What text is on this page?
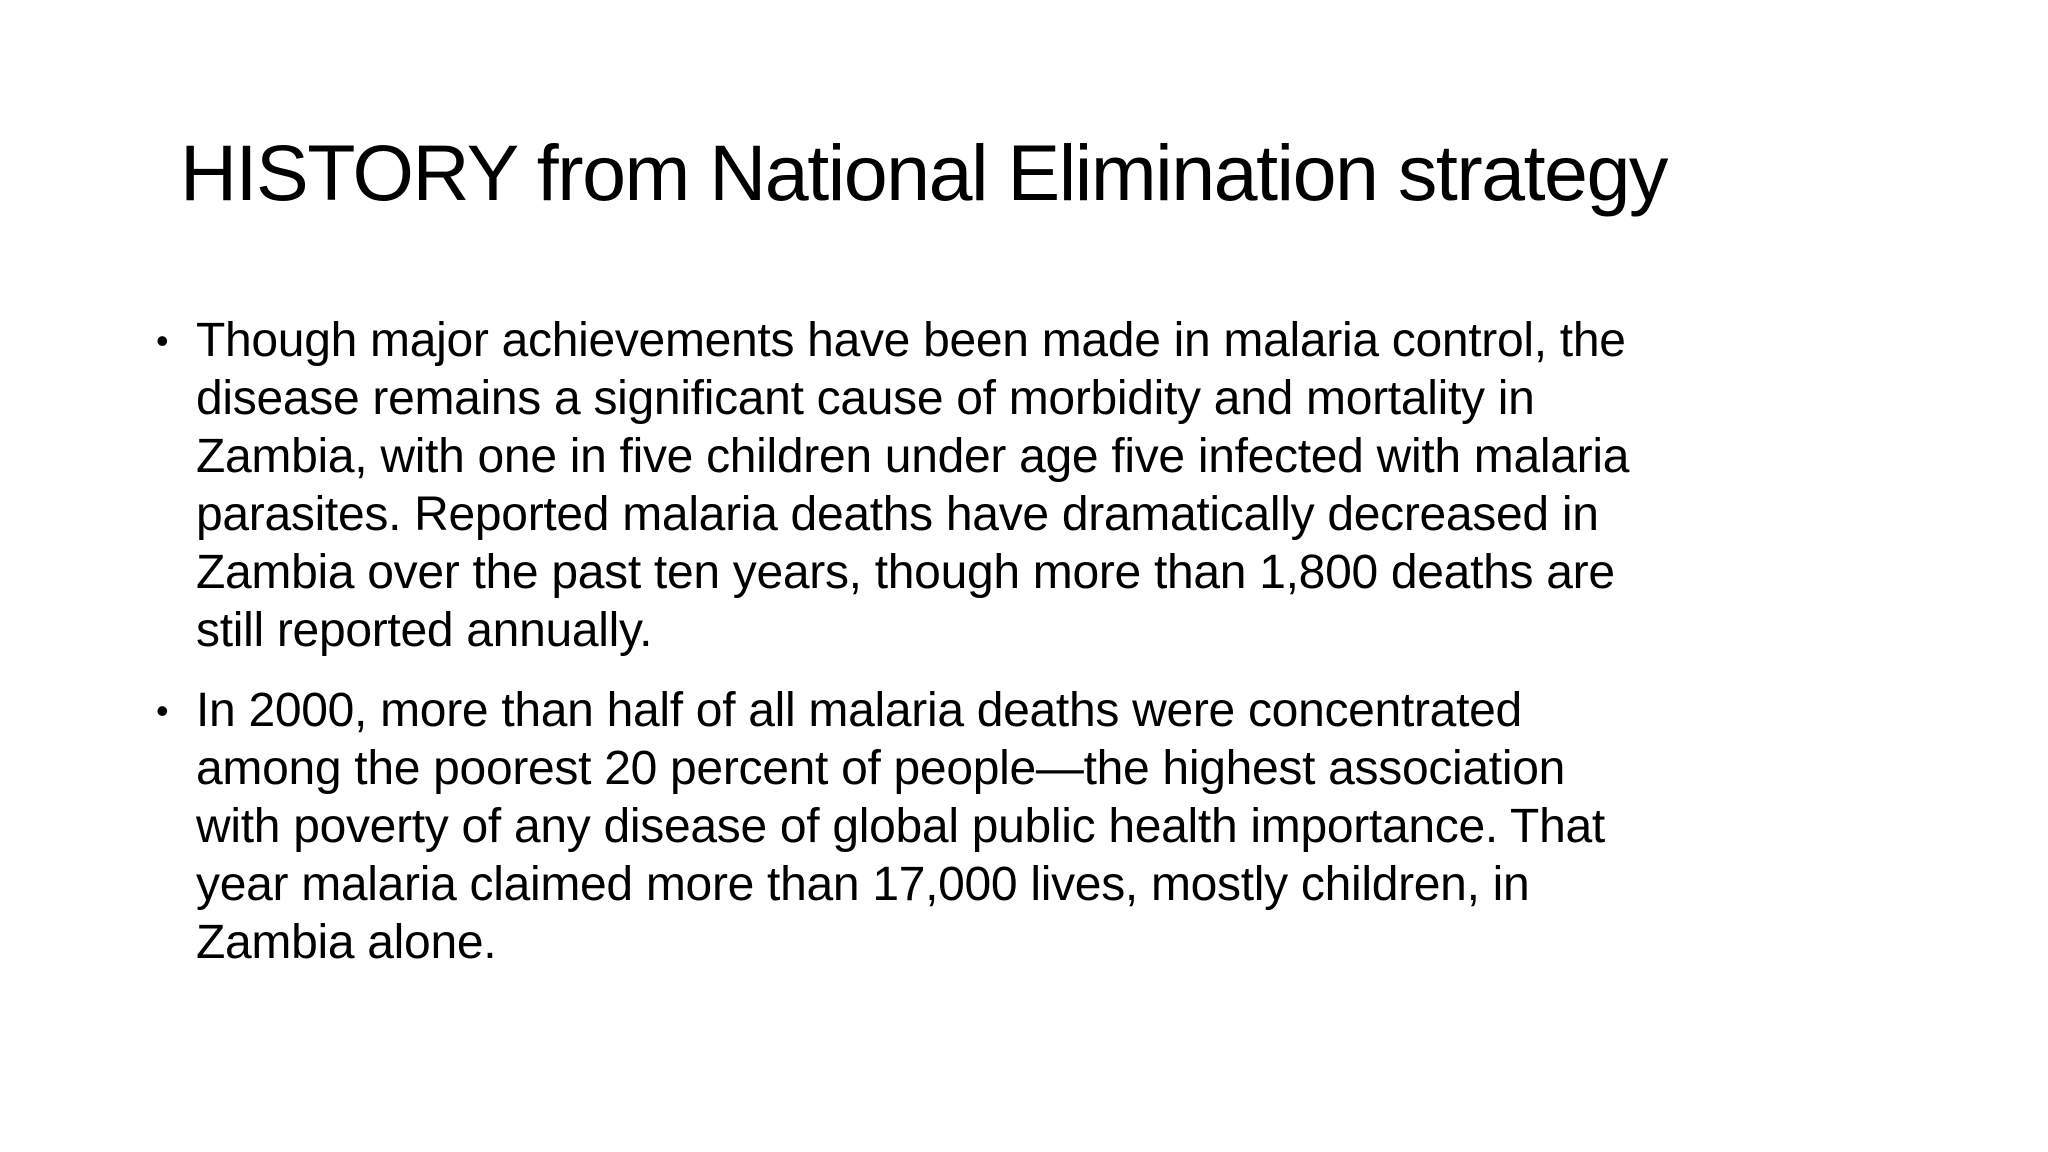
HISTORY from National Elimination strategy
• Though major achievements have been made in malaria control, the
disease remains a significant cause of morbidity and mortality in
Zambia, with one in five children under age five infected with malaria
parasites. Reported malaria deaths have dramatically decreased in
Zambia over the past ten years, though more than 1,800 deaths are
still reported annually.
• In 2000, more than half of all malaria deaths were concentrated
among the poorest 20 percent of people—the highest association
with poverty of any disease of global public health importance. That
year malaria claimed more than 17,000 lives, mostly children, in
Zambia alone.
